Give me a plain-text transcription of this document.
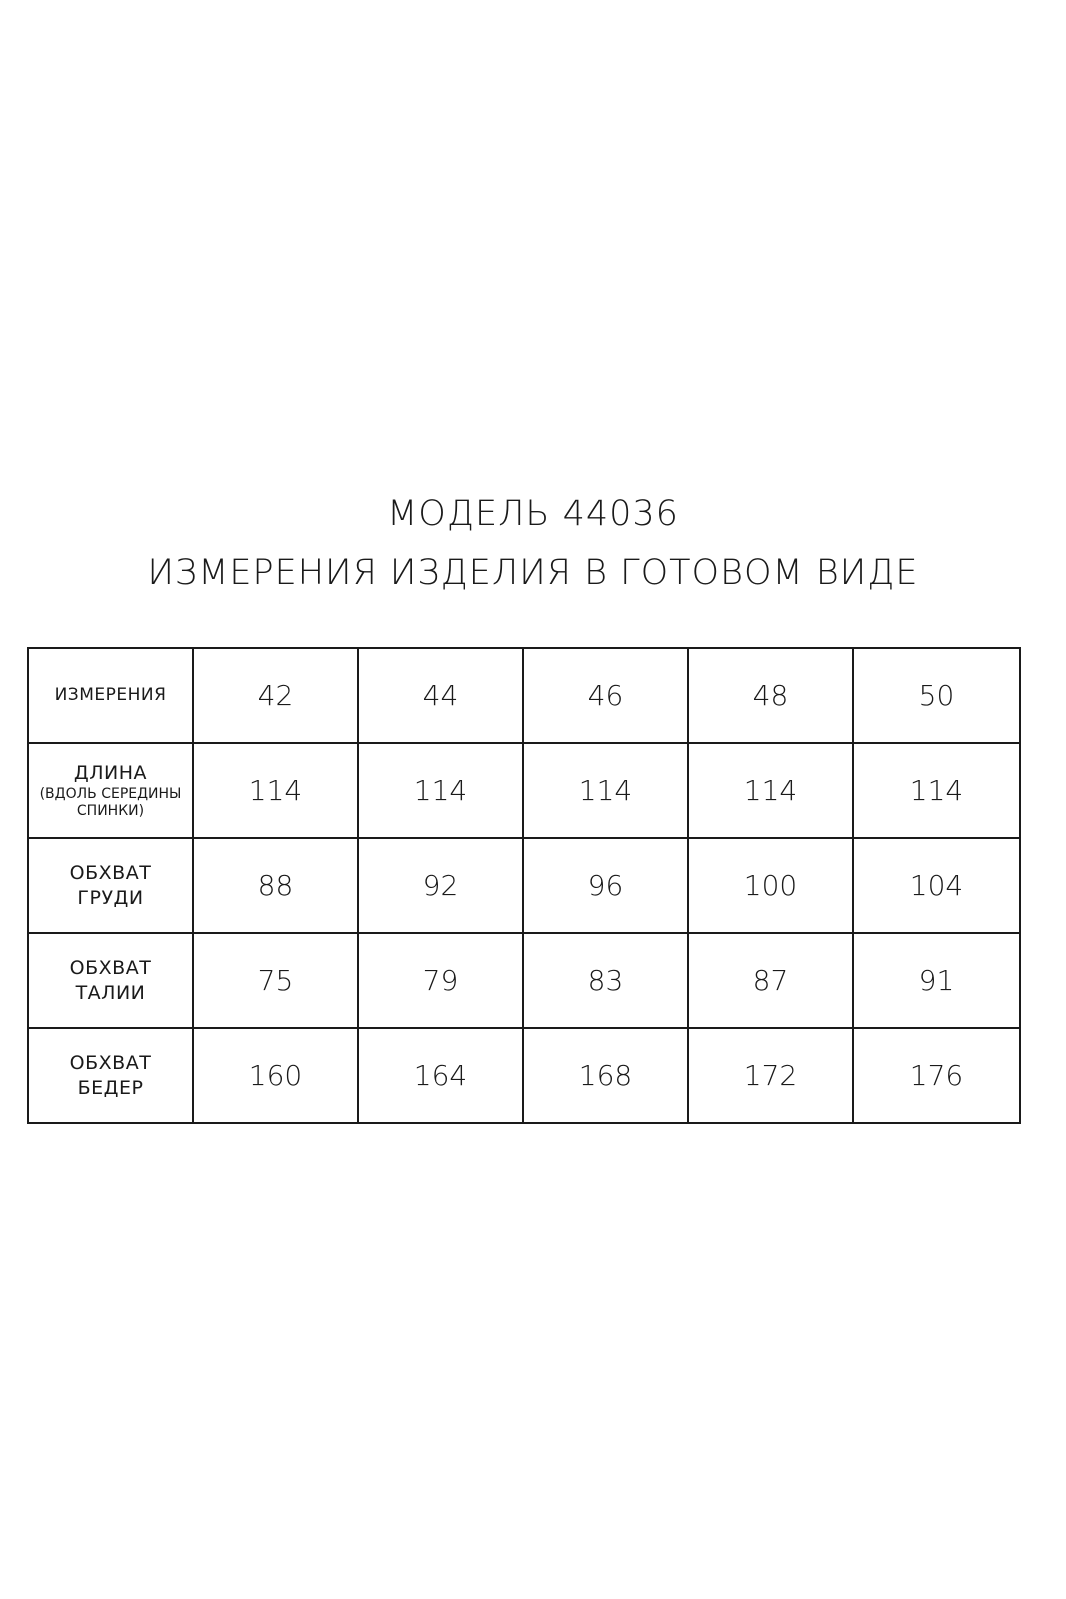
МОДЕЛЬ 44036
ИЗМЕРЕНИЯ ИЗДЕЛИЯ В ГОТОВОМ ВИДЕ
ИЗМЕРЕНИЯ	42	44	46	48	50

ДЛИНА
(ВДОЛЬ СЕРЕДИНЫ
СПИНКИ)	114	114	114	114	114

ОБХВАТ
ГРУДИ	88	92	96	100	104

ОБХВАТ
ТАЛИИ	75	79	83	87	91

ОБХВАТ
БЕДЕР	160	164	168	172	176
